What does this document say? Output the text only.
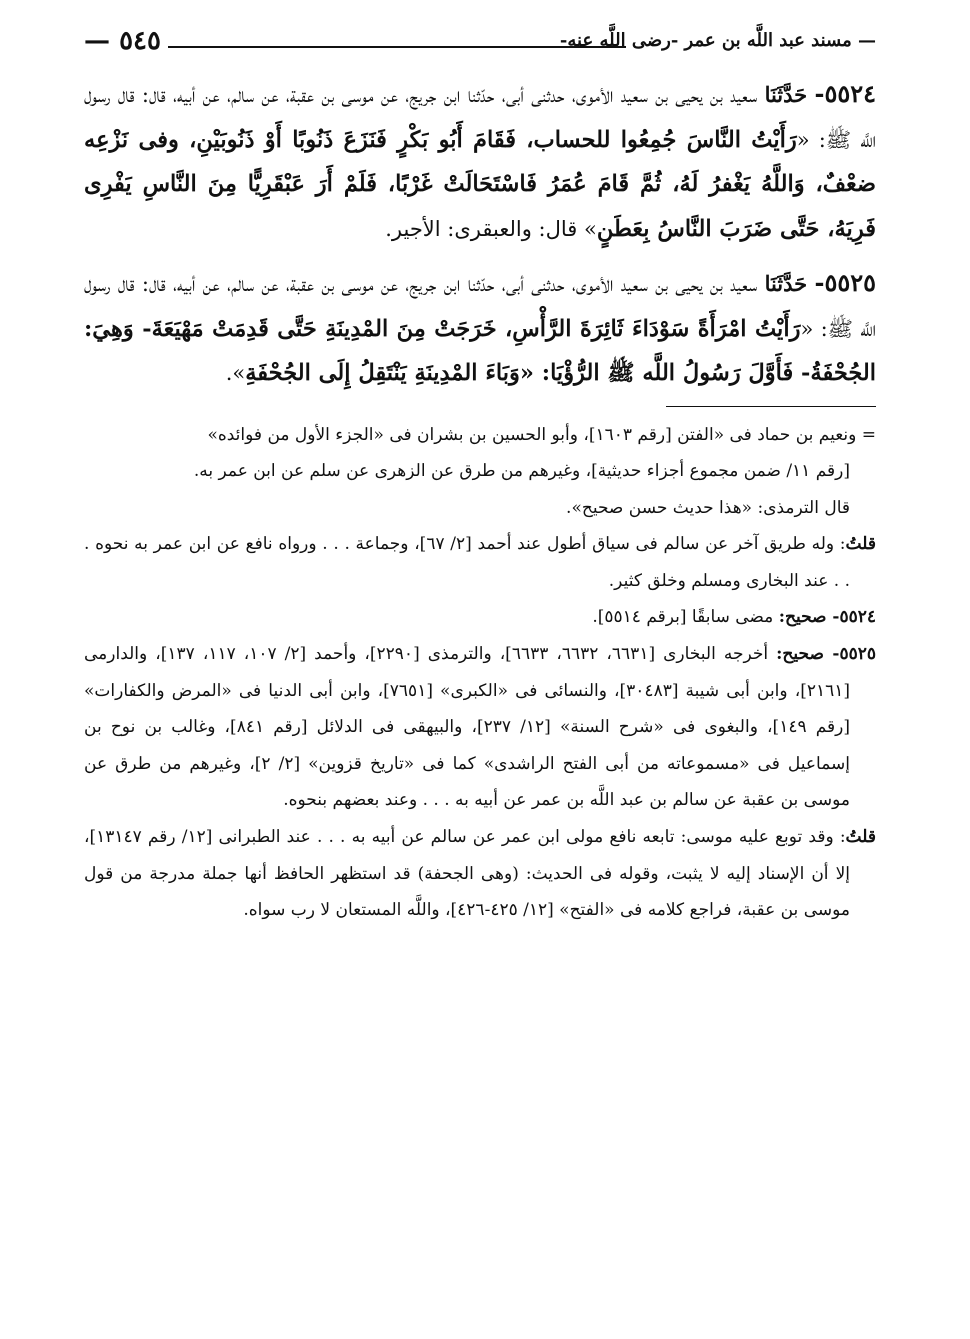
— مسند عبد اللَّه بن عمر -رضى اللَّه عنه-
٥٤٥ —

٥٥٢٤- حَدَّثَنَا سعيد بن يحيى بن سعيد الأموى، حدثنى أبى، حدّثنا ابن جريج، عن موسى بن عقبة، عن سالم، عن أبيه، قال: قال رسول اللَّه ﷺ: «رَأَيْتُ النَّاسَ جُمِعُوا للحساب، فَقَامَ أَبُو بَكْرٍ فَنَزَعَ ذَنُوبًا أَوْ ذَنُوبَيْنِ، وفى نَزْعِه ضعْفٌ، وَاللَّهُ يَغْفرُ لَهُ، ثُمَّ قَامَ عُمَرُ فَاسْتَحَالَتْ غَرْبًا، فَلَمْ أَرَ عَبْقَرِيًّا مِنَ النَّاسِ يَفْرِى فَرِيَهُ، حَتَّى ضَرَبَ النَّاسُ بِعَطَنٍ» قال: والعبقرى: الأجير.

٥٥٢٥- حَدَّثَنَا سعيد بن يحيى بن سعيد الأموى، حدثنى أبى، حدّثنا ابن جريج، عن موسى بن عقبة، عن سالم، عن أبيه، قال: قال رسول اللَّه ﷺ: «رَأَيْتُ امْرَأَةً سَوْدَاءَ ثَائِرَةَ الرَّأْسِ، خَرَجَتْ مِنَ المْدِينَةِ حَتَّى قَدِمَتْ مَهْيَعَةَ- وَهِيَ: الجُحْفَةُ- فَأَوَّلَ رَسُولُ اللَّه ﷺ الرُّؤْيَا: «وَبَاءَ المْدِينَةِ يَنْتَقِلُ إِلَى الجُحْفَةِ».

= ونعيم بن حماد فى «الفتن [رقم ١٦٠٣]، وأبو الحسين بن بشران فى «الجزء الأول من فوائده»

[رقم ١١/ ضمن مجموع أجزاء حديثية]، وغيرهم من طرق عن الزهرى عن سلم عن ابن عمر به.

قال الترمذى: «هذا حديث حسن صحيح».

قلتُ: وله طريق آخر عن سالم فى سياق أطول عند أحمد [٢/ ٦٧]، وجماعة . . . ورواه نافع عن ابن عمر به نحوه . . . عند البخارى ومسلم وخلق كثير.

٥٥٢٤- صحيح: مضى سابقًا [برقم ٥٥١٤].

٥٥٢٥- صحيح: أخرجه البخارى [٦٦٣١، ٦٦٣٢، ٦٦٣٣]، والترمذى [٢٢٩٠]، وأحمد [٢/ ١٠٧، ١١٧، ١٣٧]، والدارمى [٢١٦١]، وابن أبى شيبة [٣٠٤٨٣]، والنسائى فى «الكبرى» [٧٦٥١]، وابن أبى الدنيا فى «المرض والكفارات» [رقم ١٤٩]، والبغوى فى «شرح السنة» [١٢/ ٢٣٧]، والبيهقى فى الدلائل [رقم ٨٤١]، وغالب بن نوح بن إسماعيل فى «مسموعاته من أبى الفتح الراشدى» كما فى «تاريخ قزوين» [٢/ ٢]، وغيرهم من طرق عن موسى بن عقبة عن سالم بن عبد اللَّه بن عمر عن أبيه به . . . وعند بعضهم بنحوه.

قلتُ: وقد توبع عليه موسى: تابعه نافع مولى ابن عمر عن سالم عن أبيه به . . . عند الطبرانى [١٢/ رقم ١٣١٤٧]، إلا أن الإسناد إليه لا يثبت، وقوله فى الحديث: (وهى الجحفة) قد استظهر الحافظ أنها جملة مدرجة من قول موسى بن عقبة، فراجع كلامه فى «الفتح» [١٢/ ٤٢٥-٤٢٦]، واللَّه المستعان لا رب سواه.
